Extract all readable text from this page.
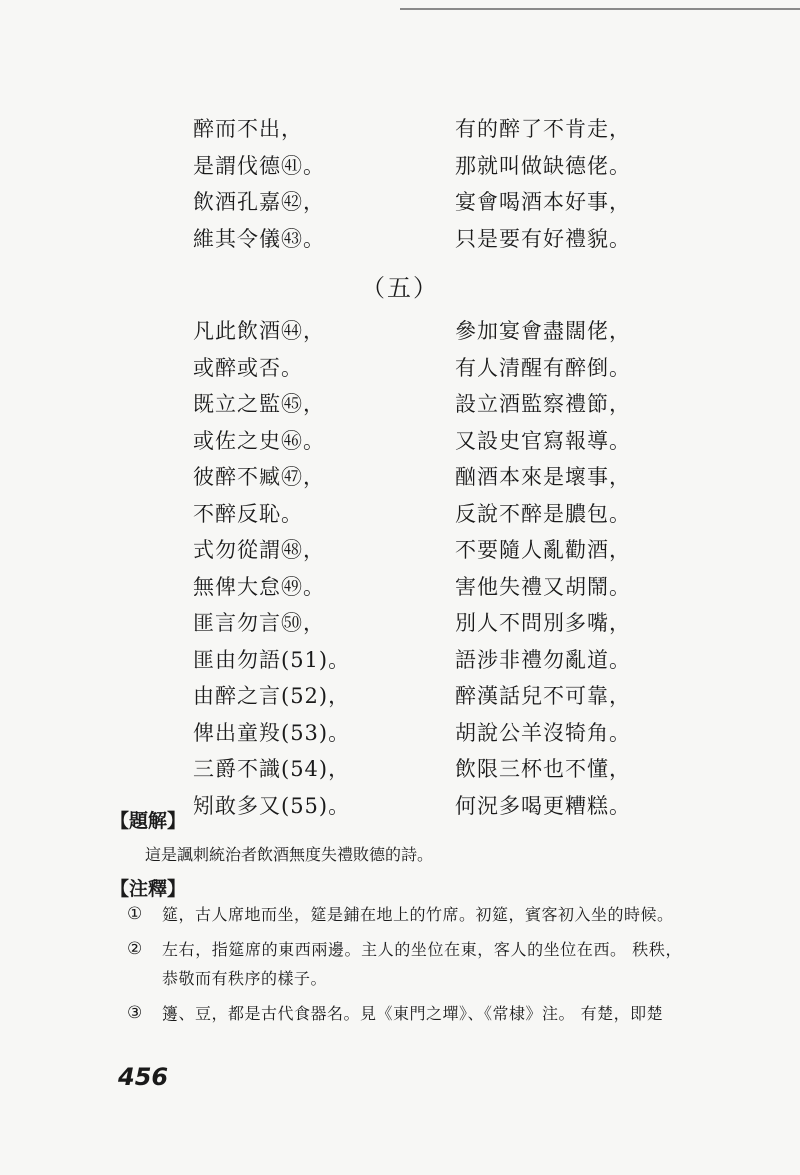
醉而不出，	有的醉了不肯走，
是謂伐德㊶。	那就叫做缺德佬。
飲酒孔嘉㊷，	宴會喝酒本好事，
維其令儀㊸。	只是要有好禮貌。
（五）
凡此飲酒㊹，	參加宴會盡闊佬，
或醉或否。	有人清醒有醉倒。
既立之監㊺，	設立酒監察禮節，
或佐之史㊻。	又設史官寫報導。
彼醉不臧㊼，	酗酒本來是壞事，
不醉反恥。	反說不醉是膿包。
式勿從謂㊽，	不要隨人亂勸酒，
無俾大怠㊾。	害他失禮又胡鬧。
匪言勿言㊿，	別人不問別多嘴，
匪由勿語(51)。	語涉非禮勿亂道。
由醉之言(52)，	醉漢話兒不可靠，
俾出童羖(53)。	胡說公羊沒犄角。
三爵不識(54)，	飲限三杯也不懂，
矧敢多又(55)。	何況多喝更糟糕。
【題解】
這是諷刺統治者飲酒無度失禮敗德的詩。
【注釋】
① 筵，古人席地而坐，筵是鋪在地上的竹席。初筵，賓客初入坐的時候。
② 左右，指筵席的東西兩邊。主人的坐位在東，客人的坐位在西。 秩秩，恭敬而有秩序的樣子。
③ 籩、豆，都是古代食器名。見《東門之墠》、《常棣》注。 有楚，即楚
456
